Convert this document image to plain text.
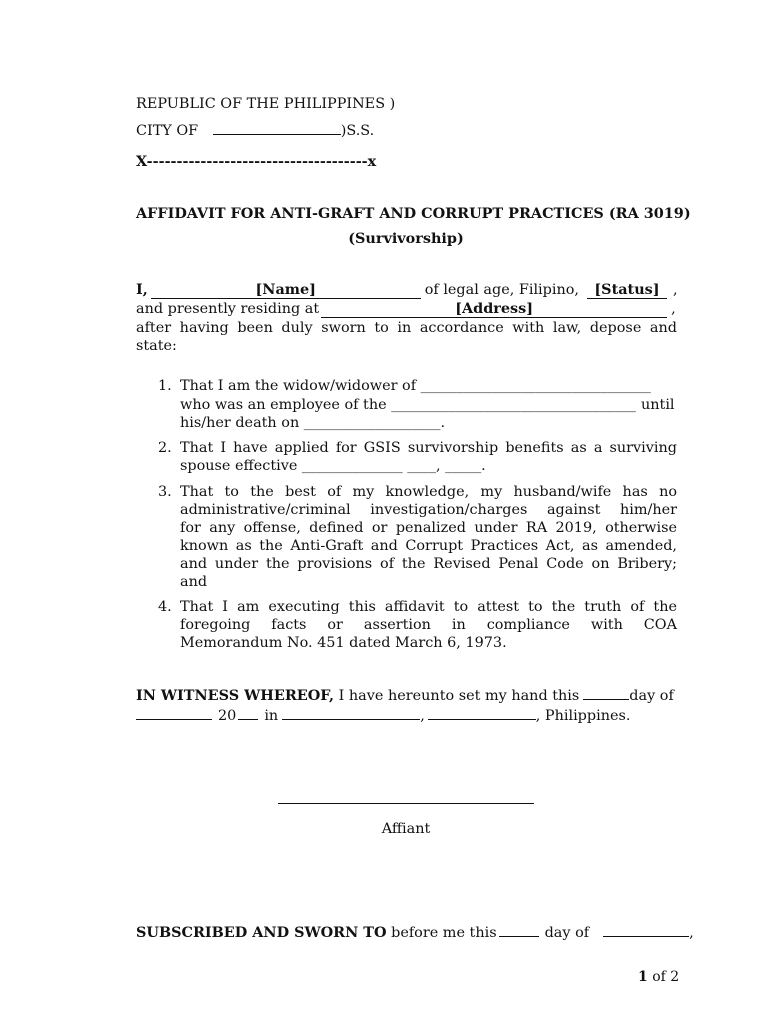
REPUBLIC OF THE PHILIPPINES )
CITY OF	)S.S.
X-------------------------------------x
AFFIDAVIT FOR ANTI-GRAFT AND CORRUPT PRACTICES (RA 3019)
(Survivorship)
I,	[Name]	of legal age, Filipino, [Status] ,
and presently residing at	[Address]	,
after having been duly sworn to in accordance with law, depose and
state:
1. That I am the widow/widower of ________________________________
who was an employee of the __________________________________ until
his/her death on ___________________.
2. That I have applied for GSIS survivorship benefits as a surviving
spouse effective ______________ ____, _____.
3. That to the best of my knowledge, my husband/wife has no
administrative/criminal investigation/charges against him/her
for any offense, defined or penalized under RA 2019, otherwise
known as the Anti-Graft and Corrupt Practices Act, as amended,
and under the provisions of the Revised Penal Code on Bribery;
and
4. That I am executing this affidavit to attest to the truth of the
foregoing facts or assertion in compliance with COA
Memorandum No. 451 dated March 6, 1973.
IN WITNESS WHEREOF, I have hereunto set my hand this	day of
20 in	,	, Philippines.
Affiant
SUBSCRIBED AND SWORN TO before me this	day of	,
1 of 2
